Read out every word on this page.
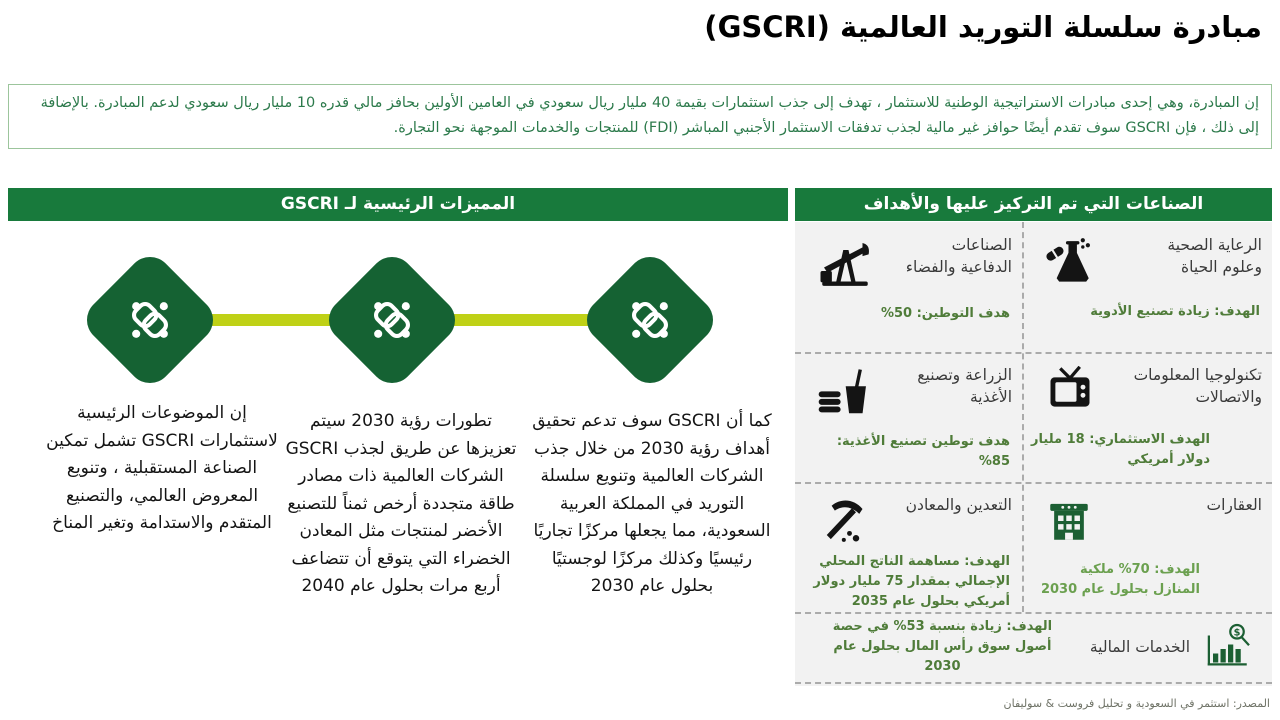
مبادرة سلسلة التوريد العالمية (GSCRI)
إن المبادرة، وهي إحدى مبادرات الاستراتيجية الوطنية للاستثمار ، تهدف إلى جذب استثمارات بقيمة 40 مليار ريال سعودي في العامين الأولين بحافز مالي قدره 10 مليار ريال سعودي لدعم المبادرة. بالإضافة إلى ذلك ، فإن GSCRI سوف تقدم أيضًا حوافز غير مالية لجذب تدفقات الاستثمار الأجنبي المباشر (FDI) للمنتجات والخدمات الموجهة نحو التجارة.
المميزات الرئيسية لـ GSCRI	الصناعات التي تم التركيز عليها والأهداف
كما أن GSCRI سوف تدعم تحقيق أهداف رؤية 2030 من خلال جذب الشركات العالمية وتنويع سلسلة التوريد في المملكة العربية السعودية، مما يجعلها مركزًا تجاريًا رئيسيًا وكذلك مركزًا لوجستيًا بحلول عام 2030
تطورات رؤية 2030 سيتم تعزيزها عن طريق لجذب GSCRI الشركات العالمية ذات مصادر طاقة متجددة أرخص ثمناً للتصنيع الأخضر لمنتجات مثل المعادن الخضراء التي يتوقع أن تتضاعف أربع مرات بحلول عام 2040
إن الموضوعات الرئيسية لاستثمارات GSCRI تشمل تمكين الصناعة المستقبلية ، وتنويع المعروض العالمي، والتصنيع المتقدم والاستدامة وتغير المناخ
الرعاية الصحية وعلوم الحياة
الهدف: زيادة تصنيع الأدوية
الصناعات الدفاعية والفضاء
هدف التوطين: 50%
تكنولوجيا المعلومات والاتصالات
الهدف الاستثماري: 18 مليار دولار أمريكي
الزراعة وتصنيع الأغذية
هدف توطين تصنيع الأغذية: 85%
العقارات
الهدف: 70% ملكية المنازل بحلول عام 2030
التعدين والمعادن
الهدف: مساهمة الناتج المحلي الإجمالي بمقدار 75 مليار دولار أمريكي بحلول عام 2035
$
الخدمات المالية
الهدف: زيادة بنسبة 53% في حصة أصول سوق رأس المال بحلول عام 2030
المصدر: استثمر في السعودية و تحليل فروست & سوليفان
